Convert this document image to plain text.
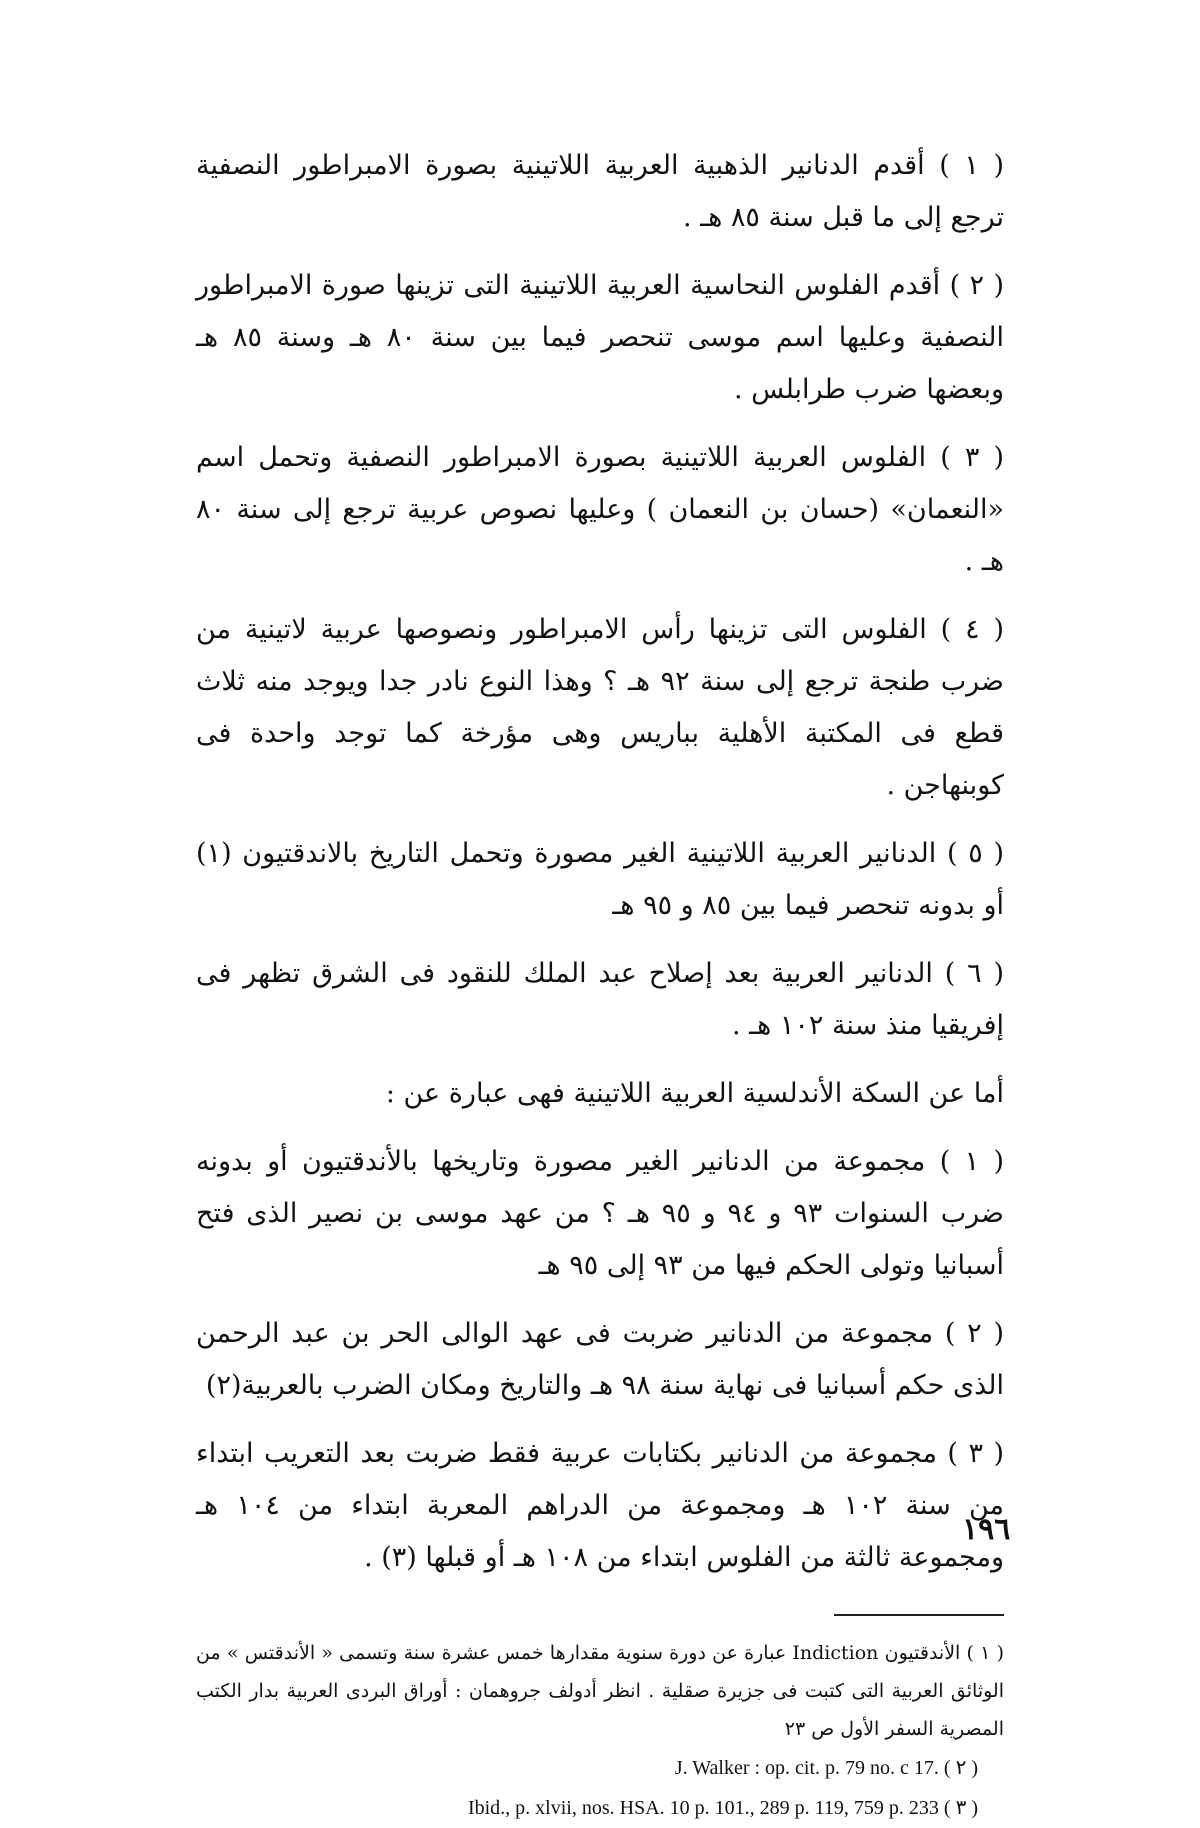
( ١ ) أقدم الدنانير الذهبية العربية اللاتينية بصورة الامبراطور النصفية ترجع إلى ما قبل سنة ٨٥ هـ .

( ٢ ) أقدم الفلوس النحاسية العربية اللاتينية التى تزينها صورة الامبراطور النصفية وعليها اسم موسى تنحصر فيما بين سنة ٨٠ هـ وسنة ٨٥ هـ وبعضها ضرب طرابلس .

( ٣ ) الفلوس العربية اللاتينية بصورة الامبراطور النصفية وتحمل اسم «النعمان» (حسان بن النعمان ) وعليها نصوص عربية ترجع إلى سنة ٨٠ هـ .

( ٤ ) الفلوس التى تزينها رأس الامبراطور ونصوصها عربية لاتينية من ضرب طنجة ترجع إلى سنة ٩٢ هـ ؟ وهذا النوع نادر جدا ويوجد منه ثلاث قطع فى المكتبة الأهلية بباريس وهى مؤرخة كما توجد واحدة فى كوبنهاجن .

( ٥ ) الدنانير العربية اللاتينية الغير مصورة وتحمل التاريخ بالاندقتيون (١) أو بدونه تنحصر فيما بين ٨٥ و ٩٥ هـ

( ٦ ) الدنانير العربية بعد إصلاح عبد الملك للنقود فى الشرق تظهر فى إفريقيا منذ سنة ١٠٢ هـ .

أما عن السكة الأندلسية العربية اللاتينية فهى عبارة عن :

( ١ ) مجموعة من الدنانير الغير مصورة وتاريخها بالأندقتيون أو بدونه ضرب السنوات ٩٣ و ٩٤ و ٩٥ هـ ؟ من عهد موسى بن نصير الذى فتح أسبانيا وتولى الحكم فيها من ٩٣ إلى ٩٥ هـ

( ٢ ) مجموعة من الدنانير ضربت فى عهد الوالى الحر بن عبد الرحمن الذى حكم أسبانيا فى نهاية سنة ٩٨ هـ والتاريخ ومكان الضرب بالعربية(٢)

( ٣ ) مجموعة من الدنانير بكتابات عربية فقط ضربت بعد التعريب ابتداء من سنة ١٠٢ هـ ومجموعة من الدراهم المعربة ابتداء من ١٠٤ هـ ومجموعة ثالثة من الفلوس ابتداء من ١٠٨ هـ أو قبلها (٣) .

( ١ ) الأندقتيون Indiction عبارة عن دورة سنوية مقدارها خمس عشرة سنة وتسمى « الأندقتس » من الوثائق العربية التى كتبت فى جزيرة صقلية . انظر أدولف جروهمان : أوراق البردى العربية بدار الكتب المصرية السفر الأول ص ٢٣

J. Walker : op. cit. p. 79 no. c 17. ( ٢ )

Ibid., p. xlvii, nos. HSA. 10 p. 101., 289 p. 119, 759 p. 233 ( ٣ )

١٩٦
